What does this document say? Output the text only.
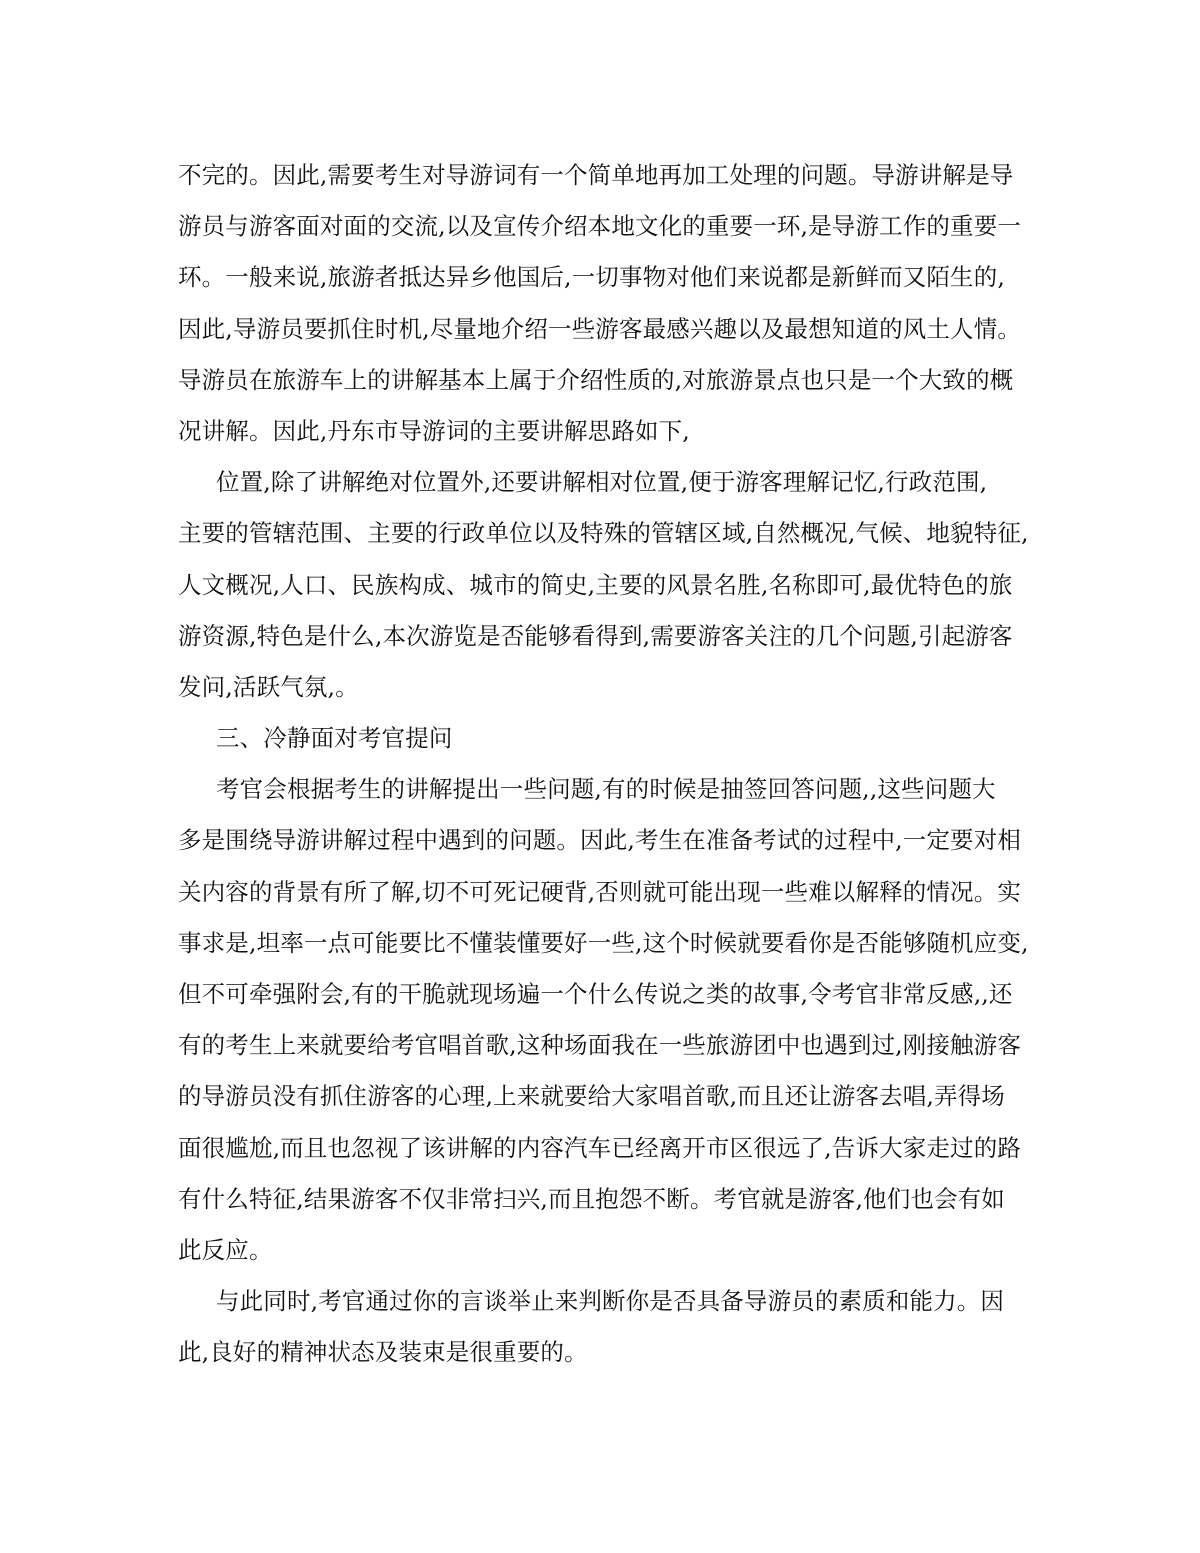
不完的。因此,需要考生对导游词有一个简单地再加工处理的问题。导游讲解是导
游员与游客面对面的交流,以及宣传介绍本地文化的重要一环,是导游工作的重要一
环。一般来说,旅游者抵达异乡他国后,一切事物对他们来说都是新鲜而又陌生的,
因此,导游员要抓住时机,尽量地介绍一些游客最感兴趣以及最想知道的风土人情。
导游员在旅游车上的讲解基本上属于介绍性质的,对旅游景点也只是一个大致的概
况讲解。因此,丹东市导游词的主要讲解思路如下,
位置,除了讲解绝对位置外,还要讲解相对位置,便于游客理解记忆,行政范围,
主要的管辖范围、主要的行政单位以及特殊的管辖区域,自然概况,气候、地貌特征,
人文概况,人口、民族构成、城市的简史,主要的风景名胜,名称即可,最优特色的旅
游资源,特色是什么,本次游览是否能够看得到,需要游客关注的几个问题,引起游客
发问,活跃气氛,。
三、冷静面对考官提问
考官会根据考生的讲解提出一些问题,有的时候是抽签回答问题,,这些问题大
多是围绕导游讲解过程中遇到的问题。因此,考生在准备考试的过程中,一定要对相
关内容的背景有所了解,切不可死记硬背,否则就可能出现一些难以解释的情况。实
事求是,坦率一点可能要比不懂装懂要好一些,这个时候就要看你是否能够随机应变,
但不可牵强附会,有的干脆就现场遍一个什么传说之类的故事,令考官非常反感,,还
有的考生上来就要给考官唱首歌,这种场面我在一些旅游团中也遇到过,刚接触游客
的导游员没有抓住游客的心理,上来就要给大家唱首歌,而且还让游客去唱,弄得场
面很尴尬,而且也忽视了该讲解的内容汽车已经离开市区很远了,告诉大家走过的路
有什么特征,结果游客不仅非常扫兴,而且抱怨不断。考官就是游客,他们也会有如
此反应。
与此同时,考官通过你的言谈举止来判断你是否具备导游员的素质和能力。因
此,良好的精神状态及装束是很重要的。
